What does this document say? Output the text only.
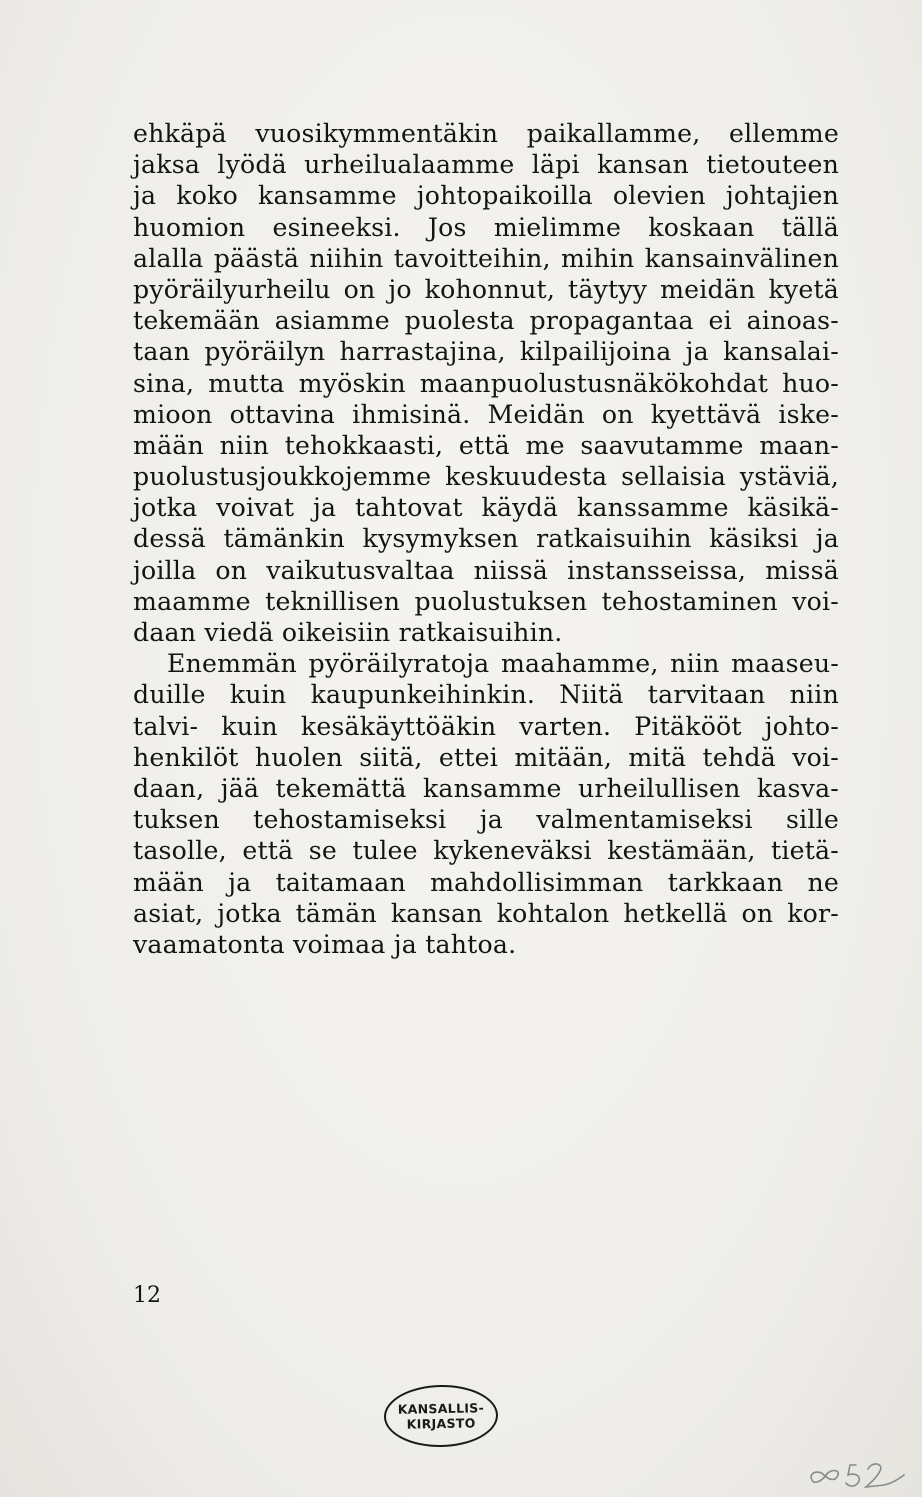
ehkäpä vuosikymmentäkin paikallamme, ellemme
jaksa lyödä urheilualaamme läpi kansan tietouteen
ja koko kansamme johtopaikoilla olevien johtajien
huomion esineeksi. Jos mielimme koskaan tällä
alalla päästä niihin tavoitteihin, mihin kansainvälinen
pyöräilyurheilu on jo kohonnut, täytyy meidän kyetä
tekemään asiamme puolesta propagantaa ei ainoas-
taan pyöräilyn harrastajina, kilpailijoina ja kansalai-
sina, mutta myöskin maanpuolustusnäkökohdat huo-
mioon ottavina ihmisinä. Meidän on kyettävä iske-
mään niin tehokkaasti, että me saavutamme maan-
puolustusjoukkojemme keskuudesta sellaisia ystäviä,
jotka voivat ja tahtovat käydä kanssamme käsikä-
dessä tämänkin kysymyksen ratkaisuihin käsiksi ja
joilla on vaikutusvaltaa niissä instansseissa, missä
maamme teknillisen puolustuksen tehostaminen voi-
daan viedä oikeisiin ratkaisuihin.
Enemmän pyöräilyratoja maahamme, niin maaseu-
duille kuin kaupunkeihinkin. Niitä tarvitaan niin
talvi- kuin kesäkäyttöäkin varten. Pitäkööt johto-
henkilöt huolen siitä, ettei mitään, mitä tehdä voi-
daan, jää tekemättä kansamme urheilullisen kasva-
tuksen tehostamiseksi ja valmentamiseksi sille
tasolle, että se tulee kykeneväksi kestämään, tietä-
mään ja taitamaan mahdollisimman tarkkaan ne
asiat, jotka tämän kansan kohtalon hetkellä on kor-
vaamatonta voimaa ja tahtoa.
12
KANSALLIS-
KIRJASTO
